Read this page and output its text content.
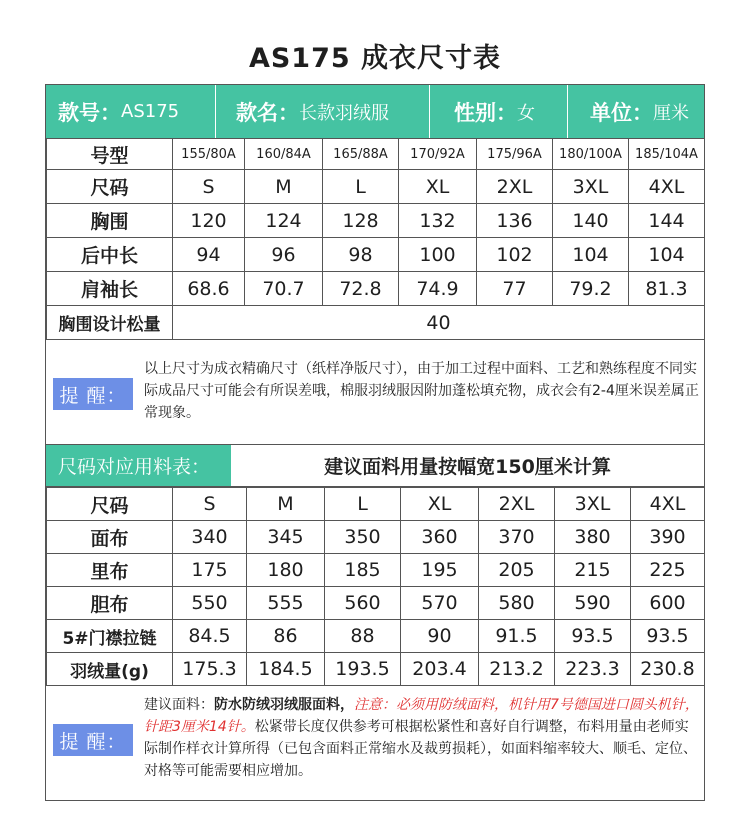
AS175 成衣尺寸表
款号： AS175	款名： 长款羽绒服	性别： 女	单位： 厘米
号型	155/80A	160/84A	165/88A	170/92A	175/96A	180/100A	185/104A
尺码	S	M	L	XL	2XL	3XL	4XL
胸围	120	124	128	132	136	140	144
后中长	94	96	98	100	102	104	104
肩袖长	68.6	70.7	72.8	74.9	77	79.2	81.3
胸围设计松量	40						
提 醒：
以上尺寸为成衣精确尺寸（纸样净版尺寸），由于加工过程中面料、工艺和熟练程度不同实际成品尺寸可能会有所误差哦，棉服羽绒服因附加蓬松填充物，成衣会有2-4厘米误差属正常现象。
尺码对应用料表：	建议面料用量按幅宽150厘米计算
尺码	S	M	L	XL	2XL	3XL	4XL
面布	340	345	350	360	370	380	390
里布	175	180	185	195	205	215	225
胆布	550	555	560	570	580	590	600
5#门襟拉链	84.5	86	88	90	91.5	93.5	93.5
羽绒量(g)	175.3	184.5	193.5	203.4	213.2	223.3	230.8
提 醒：
建议面料：防水防绒羽绒服面料，注意：必须用防绒面料，机针用7号德国进口圆头机针，针距3厘米14针。松紧带长度仅供参考可根据松紧性和喜好自行调整，布料用量由老师实际制作样衣计算所得（已包含面料正常缩水及裁剪损耗），如面料缩率较大、顺毛、定位、对格等可能需要相应增加。
